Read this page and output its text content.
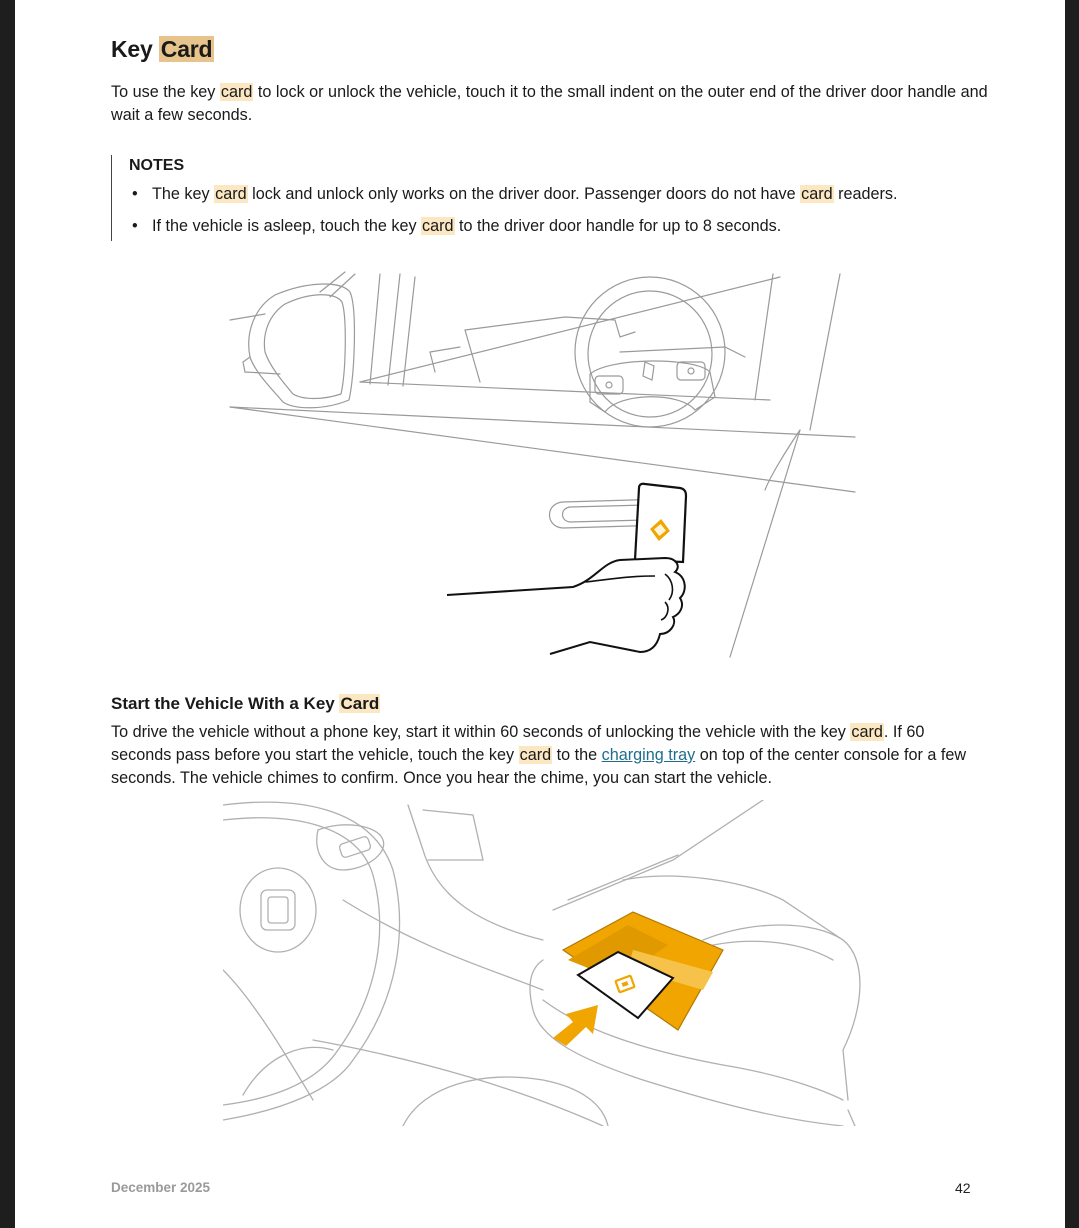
Key Card

To use the key card to lock or unlock the vehicle, touch it to the small indent on the outer end of the driver door handle and wait a few seconds.

NOTES
• The key card lock and unlock only works on the driver door. Passenger doors do not have card readers.
• If the vehicle is asleep, touch the key card to the driver door handle for up to 8 seconds.
Start the Vehicle With a Key Card

To drive the vehicle without a phone key, start it within 60 seconds of unlocking the vehicle with the key card. If 60 seconds pass before you start the vehicle, touch the key card to the charging tray on top of the center console for a few seconds. The vehicle chimes to confirm. Once you hear the chime, you can start the vehicle.

December 2025	42
